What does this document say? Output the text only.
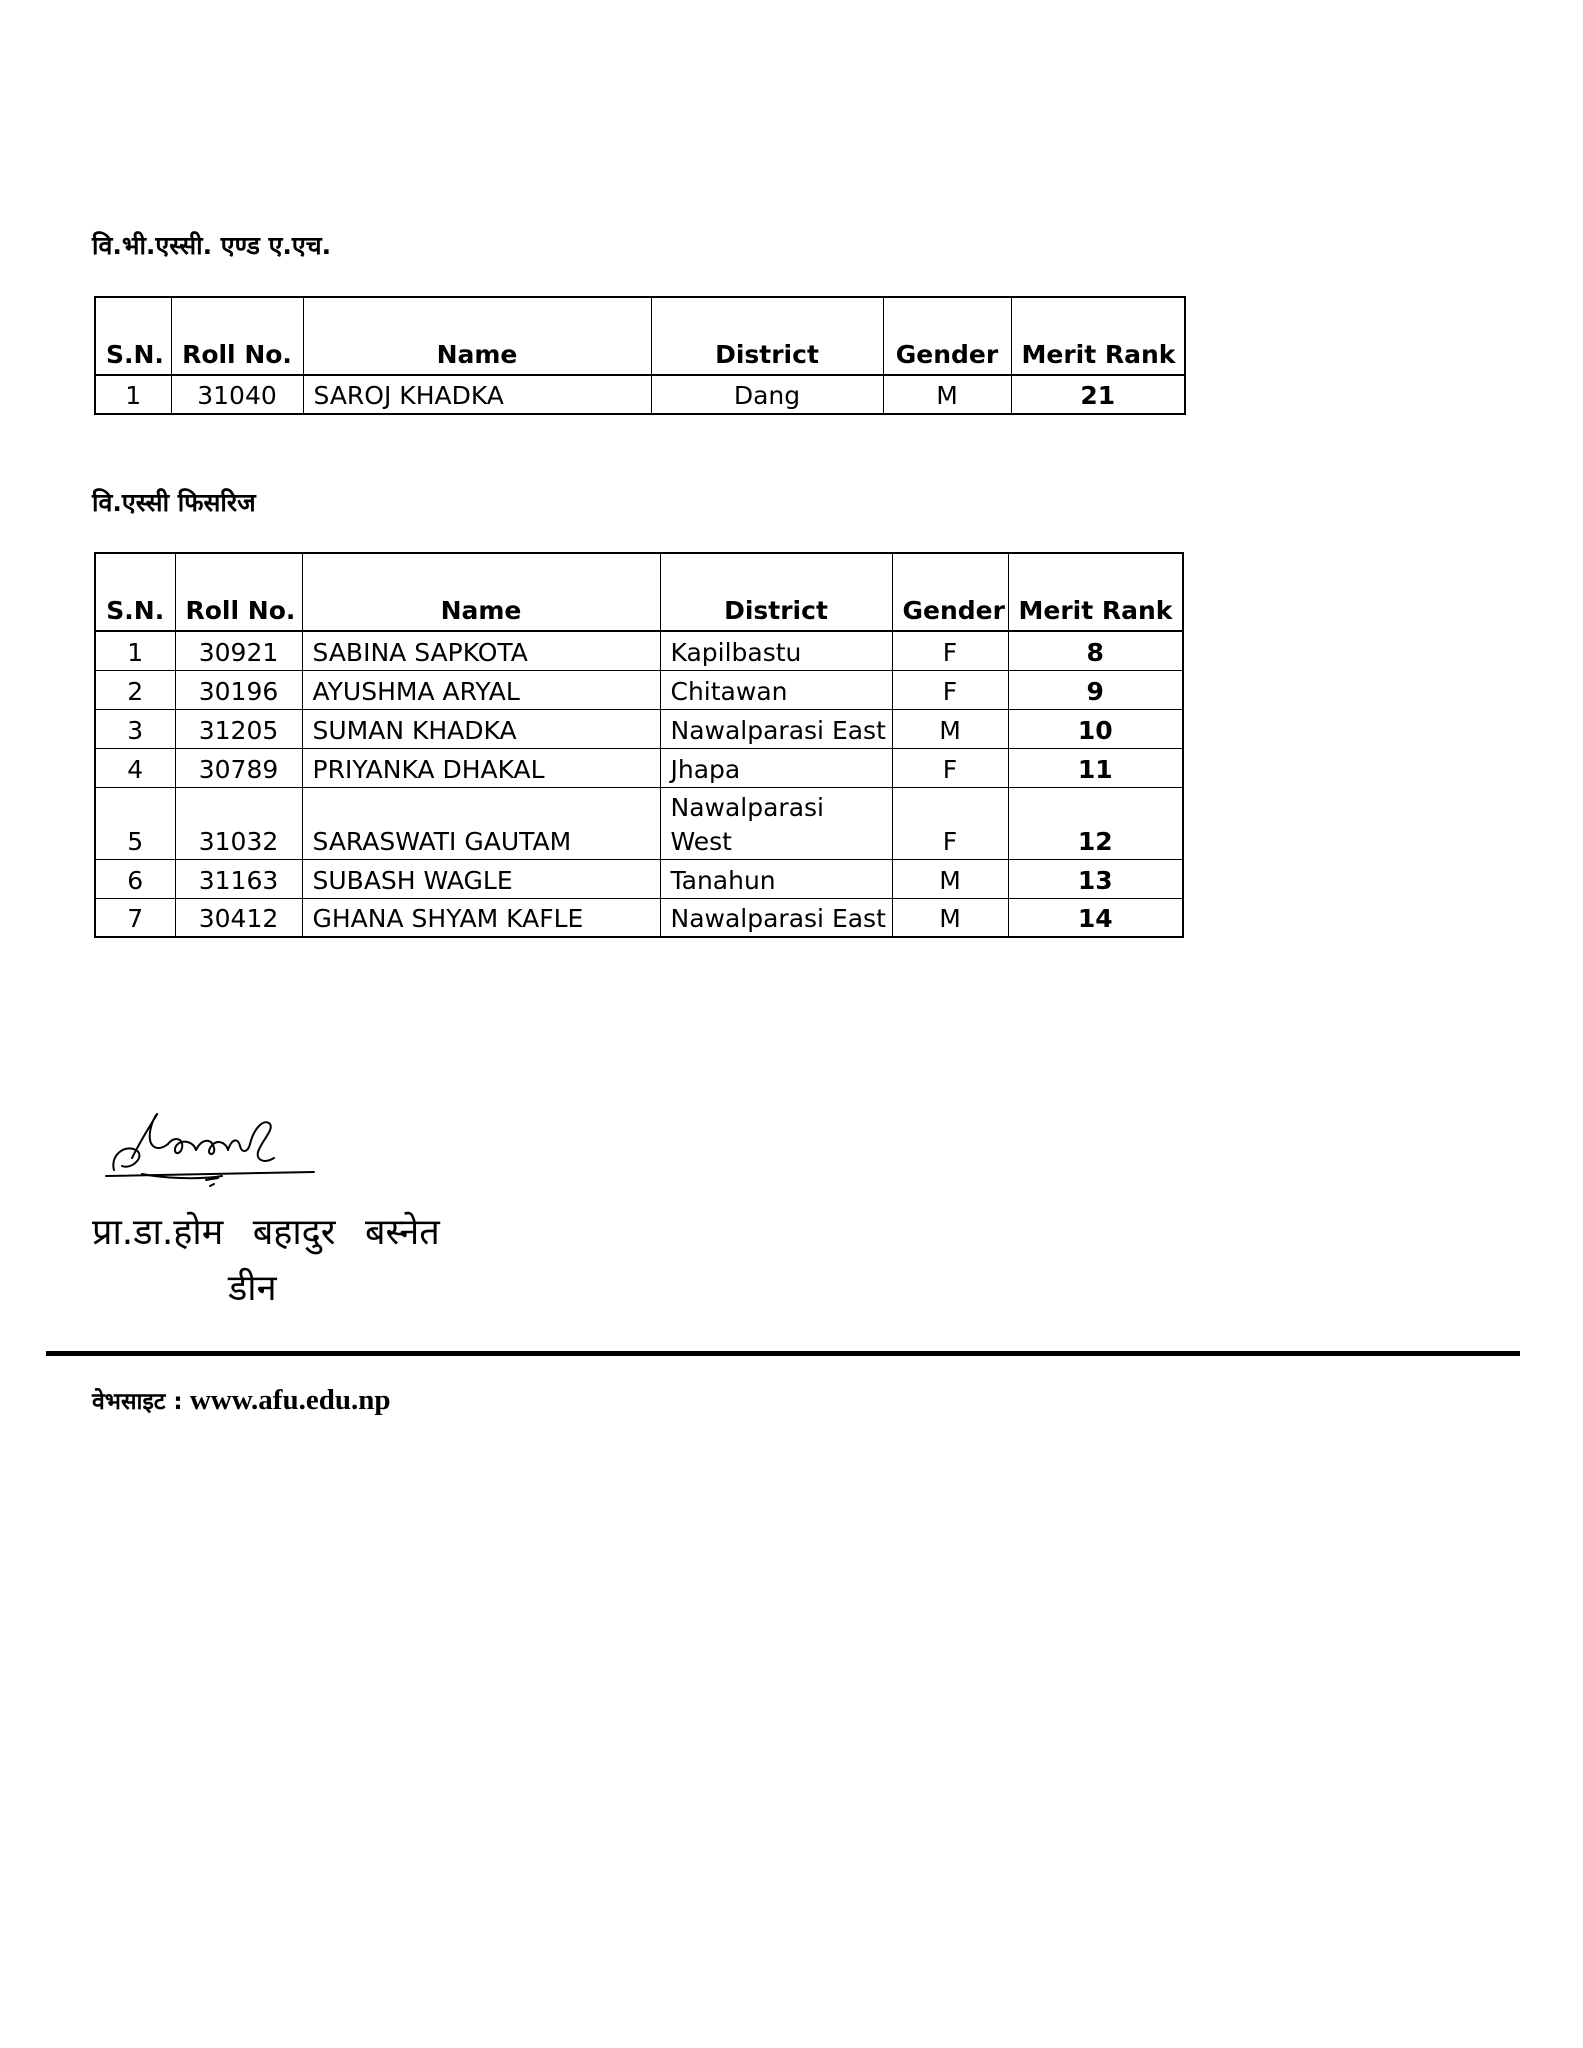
वि.भी.एस्सी. एण्ड ए.एच.
S.N.	Roll No.	Name	District	Gender	Merit Rank
1	31040	SAROJ KHADKA	Dang	M	21
वि.एस्सी फिसरिज
S.N.	Roll No.	Name	District	Gender	Merit Rank
1	30921	SABINA SAPKOTA	Kapilbastu	F	8
2	30196	AYUSHMA ARYAL	Chitawan	F	9
3	31205	SUMAN KHADKA	Nawalparasi East	M	10
4	30789	PRIYANKA DHAKAL	Jhapa	F	11
5	31032	SARASWATI GAUTAM	Nawalparasi West	F	12
6	31163	SUBASH WAGLE	Tanahun	M	13
7	30412	GHANA SHYAM KAFLE	Nawalparasi East	M	14
प्रा.डा.होम बहादुर बस्नेत
डीन
वेभसाइट : www.afu.edu.np
